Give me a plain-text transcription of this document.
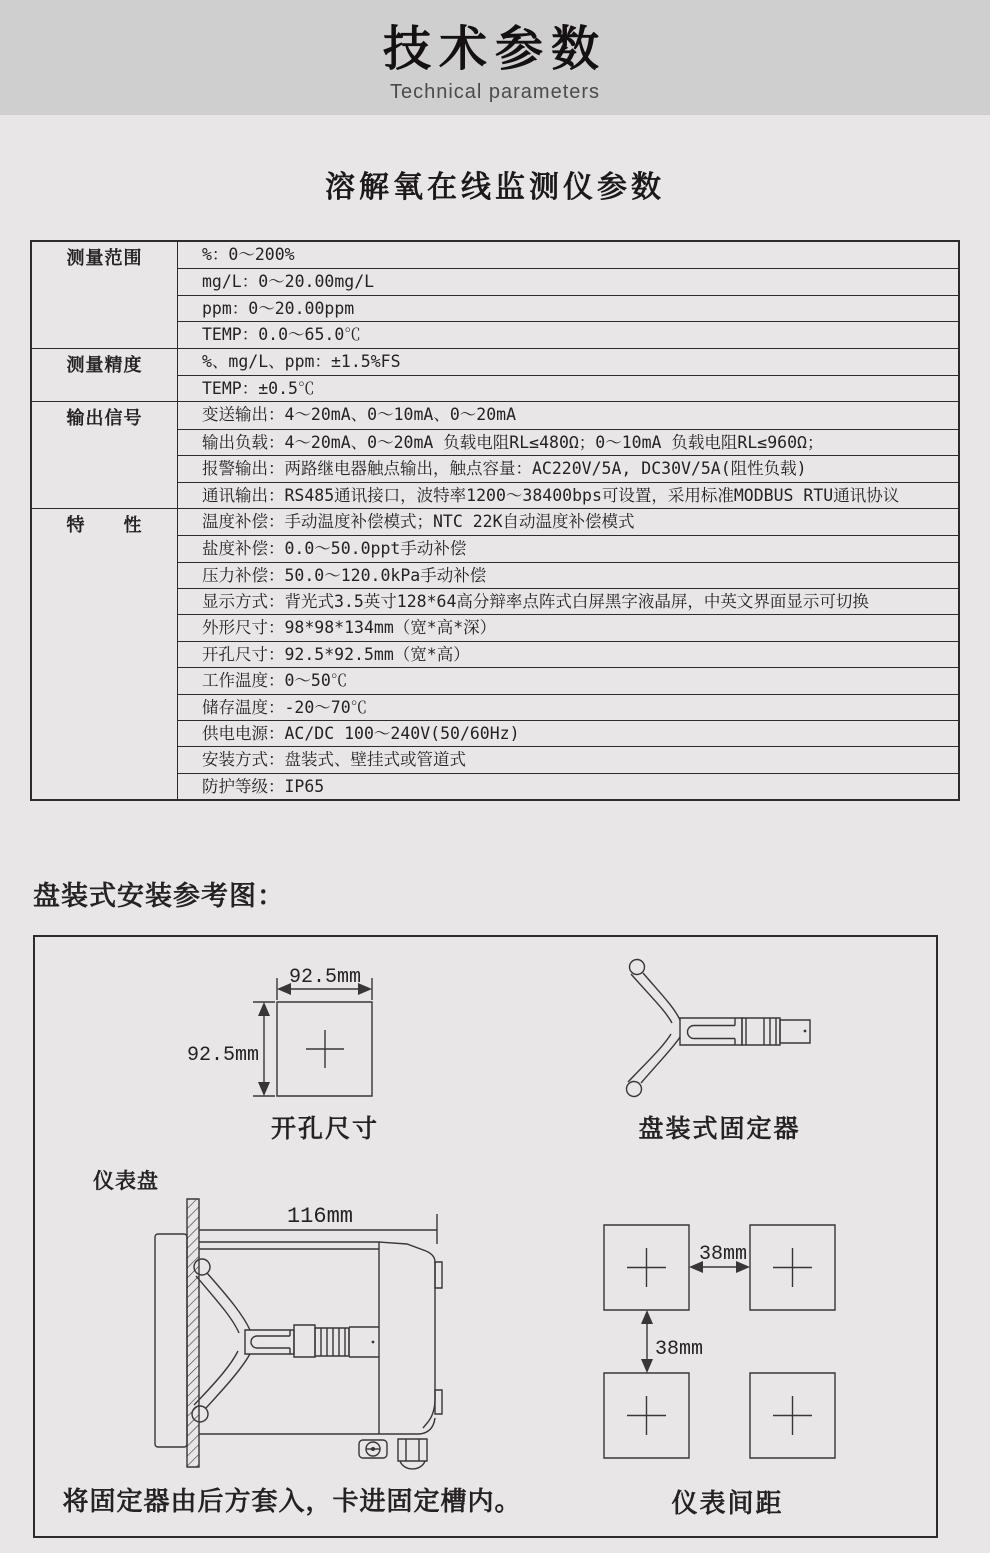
技术参数
Technical parameters
溶解氧在线监测仪参数
测量范围	%：0～200%
mg/L：0～20.00mg/L
ppm：0～20.00ppm
TEMP：0.0～65.0℃
测量精度	%、mg/L、ppm：±1.5%FS
TEMP：±0.5℃
输出信号	变送输出：4～20mA、0～10mA、0～20mA
输出负载：4～20mA、0～20mA 负载电阻RL≤480Ω；0～10mA 负载电阻RL≤960Ω；
报警输出：两路继电器触点输出，触点容量：AC220V/5A, DC30V/5A(阻性负载)
通讯输出：RS485通讯接口，波特率1200～38400bps可设置，采用标准MODBUS RTU通讯协议
特　　性	温度补偿：手动温度补偿模式；NTC 22K自动温度补偿模式
盐度补偿：0.0～50.0ppt手动补偿
压力补偿：50.0～120.0kPa手动补偿
显示方式：背光式3.5英寸128*64高分辩率点阵式白屏黑字液晶屏，中英文界面显示可切换
外形尺寸：98*98*134mm（宽*高*深）
开孔尺寸：92.5*92.5mm（宽*高）
工作温度：0～50℃
储存温度：-20～70℃
供电电源：AC/DC 100～240V(50/60Hz)
安装方式：盘装式、壁挂式或管道式
防护等级：IP65
盘装式安装参考图：
92.5mm
92.5mm
开孔尺寸	盘装式固定器
116mm
仪表盘
将固定器由后方套入，卡进固定槽内。
38mm
38mm
仪表间距
